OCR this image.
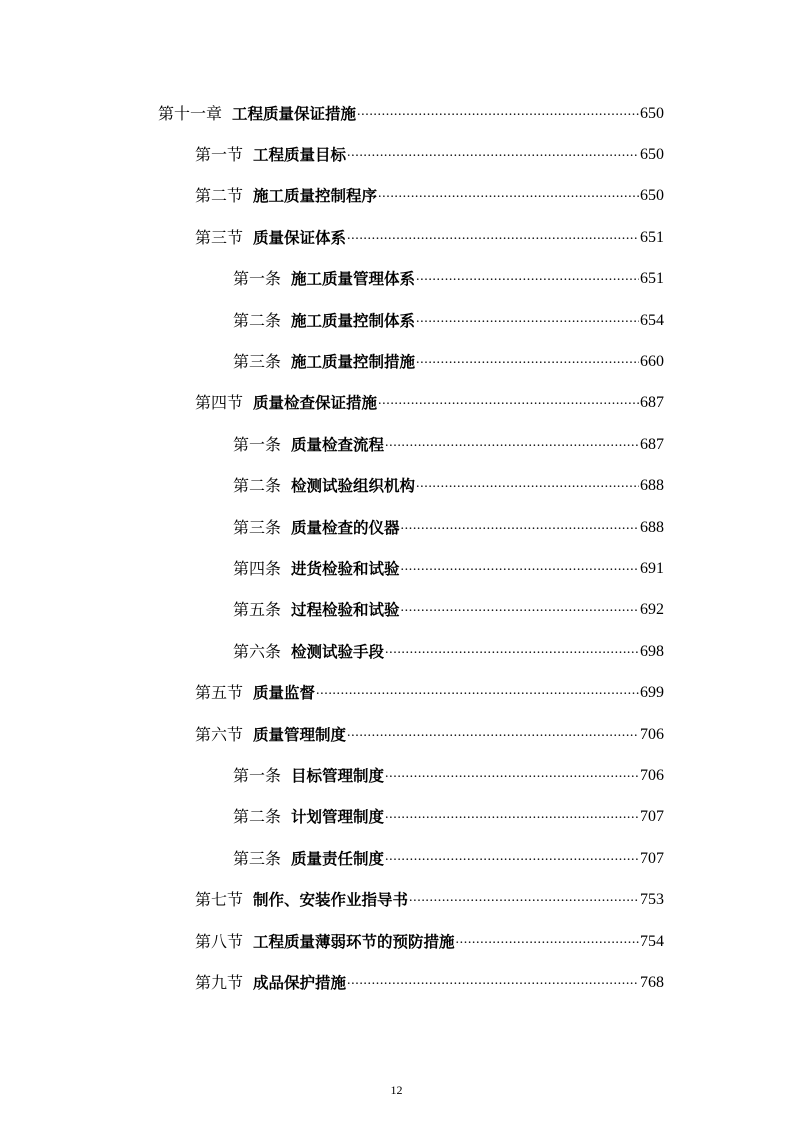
第十一章 工程质量保证措施 .....	650
第一节 工程质量目标 .....	650
第二节 施工质量控制程序 .....	650
第三节 质量保证体系 .....	651
第一条 施工质量管理体系 .....	651
第二条 施工质量控制体系 .....	654
第三条 施工质量控制措施 .....	660
第四节 质量检查保证措施 .....	687
第一条 质量检查流程 .....	687
第二条 检测试验组织机构 .....	688
第三条 质量检查的仪器 .....	688
第四条 进货检验和试验 .....	691
第五条 过程检验和试验 .....	692
第六条 检测试验手段 .....	698
第五节 质量监督 .....	699
第六节 质量管理制度 .....	706
第一条 目标管理制度 .....	706
第二条 计划管理制度 .....	707
第三条 质量责任制度 .....	707
第七节 制作、安装作业指导书 .....	753
第八节 工程质量薄弱环节的预防措施 .....	754
第九节 成品保护措施 .....	768
12
